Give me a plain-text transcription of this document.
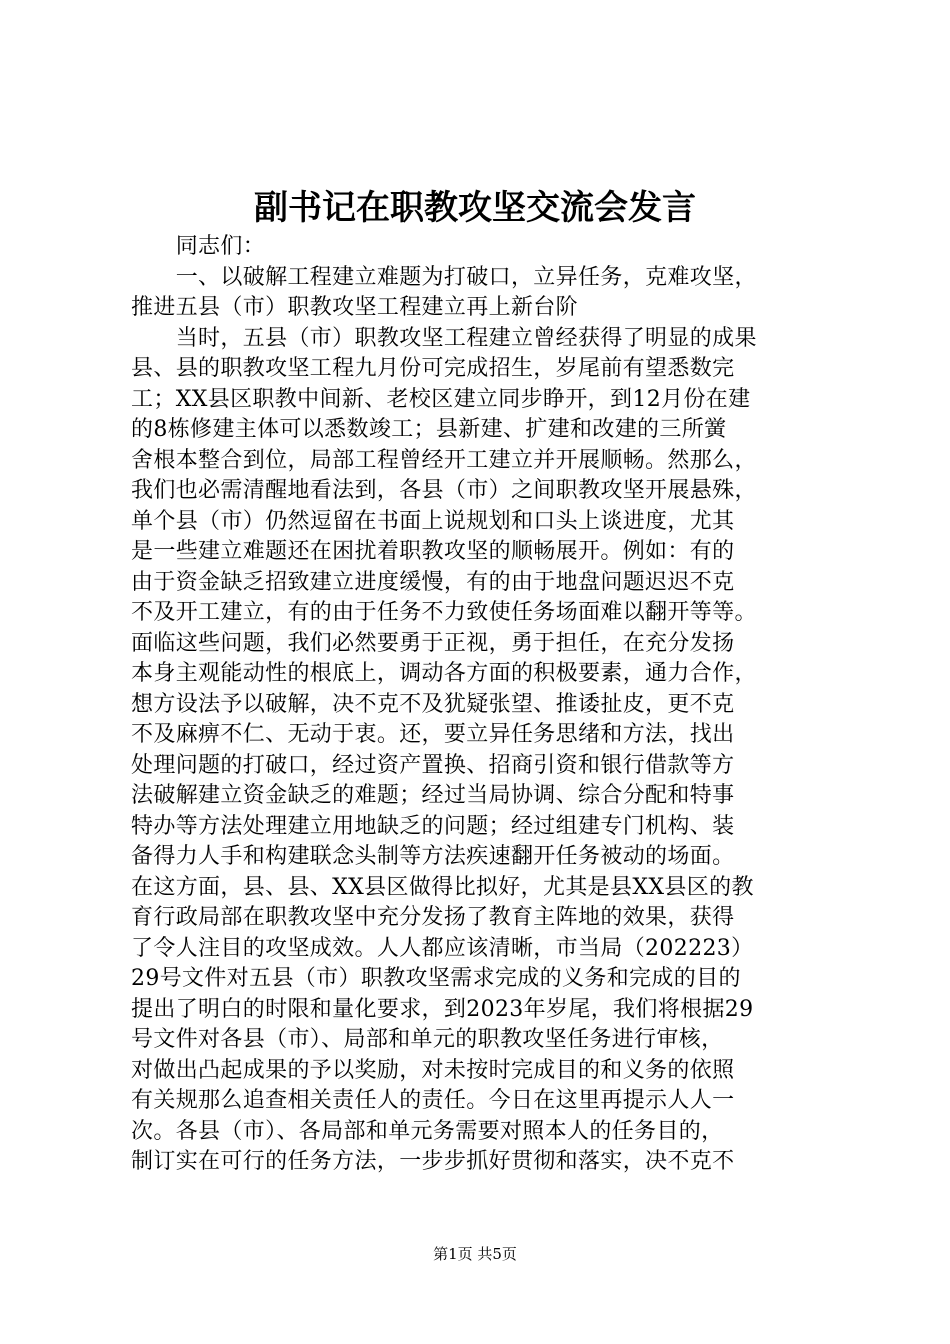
副书记在职教攻坚交流会发言
　　同志们：
　　一、以破解工程建立难题为打破口，立异任务，克难攻坚，
推进五县（市）职教攻坚工程建立再上新台阶
　　当时，五县（市）职教攻坚工程建立曾经获得了明显的成果
县、县的职教攻坚工程九月份可完成招生，岁尾前有望悉数完
工；XX县区职教中间新、老校区建立同步睁开，到12月份在建
的8栋修建主体可以悉数竣工；县新建、扩建和改建的三所黉
舍根本整合到位，局部工程曾经开工建立并开展顺畅。然那么，
我们也必需清醒地看法到，各县（市）之间职教攻坚开展悬殊，
单个县（市）仍然逗留在书面上说规划和口头上谈进度，尤其
是一些建立难题还在困扰着职教攻坚的顺畅展开。例如：有的
由于资金缺乏招致建立进度缓慢，有的由于地盘问题迟迟不克
不及开工建立，有的由于任务不力致使任务场面难以翻开等等。
面临这些问题，我们必然要勇于正视，勇于担任，在充分发扬
本身主观能动性的根底上，调动各方面的积极要素，通力合作，
想方设法予以破解，决不克不及犹疑张望、推诿扯皮，更不克
不及麻痹不仁、无动于衷。还，要立异任务思绪和方法，找出
处理问题的打破口，经过资产置换、招商引资和银行借款等方
法破解建立资金缺乏的难题；经过当局协调、综合分配和特事
特办等方法处理建立用地缺乏的问题；经过组建专门机构、装
备得力人手和构建联念头制等方法疾速翻开任务被动的场面。
在这方面，县、县、XX县区做得比拟好，尤其是县XX县区的教
育行政局部在职教攻坚中充分发扬了教育主阵地的效果，获得
了令人注目的攻坚成效。人人都应该清晰，市当局（202223）
29号文件对五县（市）职教攻坚需求完成的义务和完成的目的
提出了明白的时限和量化要求，到2023年岁尾，我们将根据29
号文件对各县（市）、局部和单元的职教攻坚任务进行审核，
对做出凸起成果的予以奖励，对未按时完成目的和义务的依照
有关规那么追查相关责任人的责任。今日在这里再提示人人一
次。各县（市）、各局部和单元务需要对照本人的任务目的，
制订实在可行的任务方法，一步步抓好贯彻和落实，决不克不
第1页 共5页
